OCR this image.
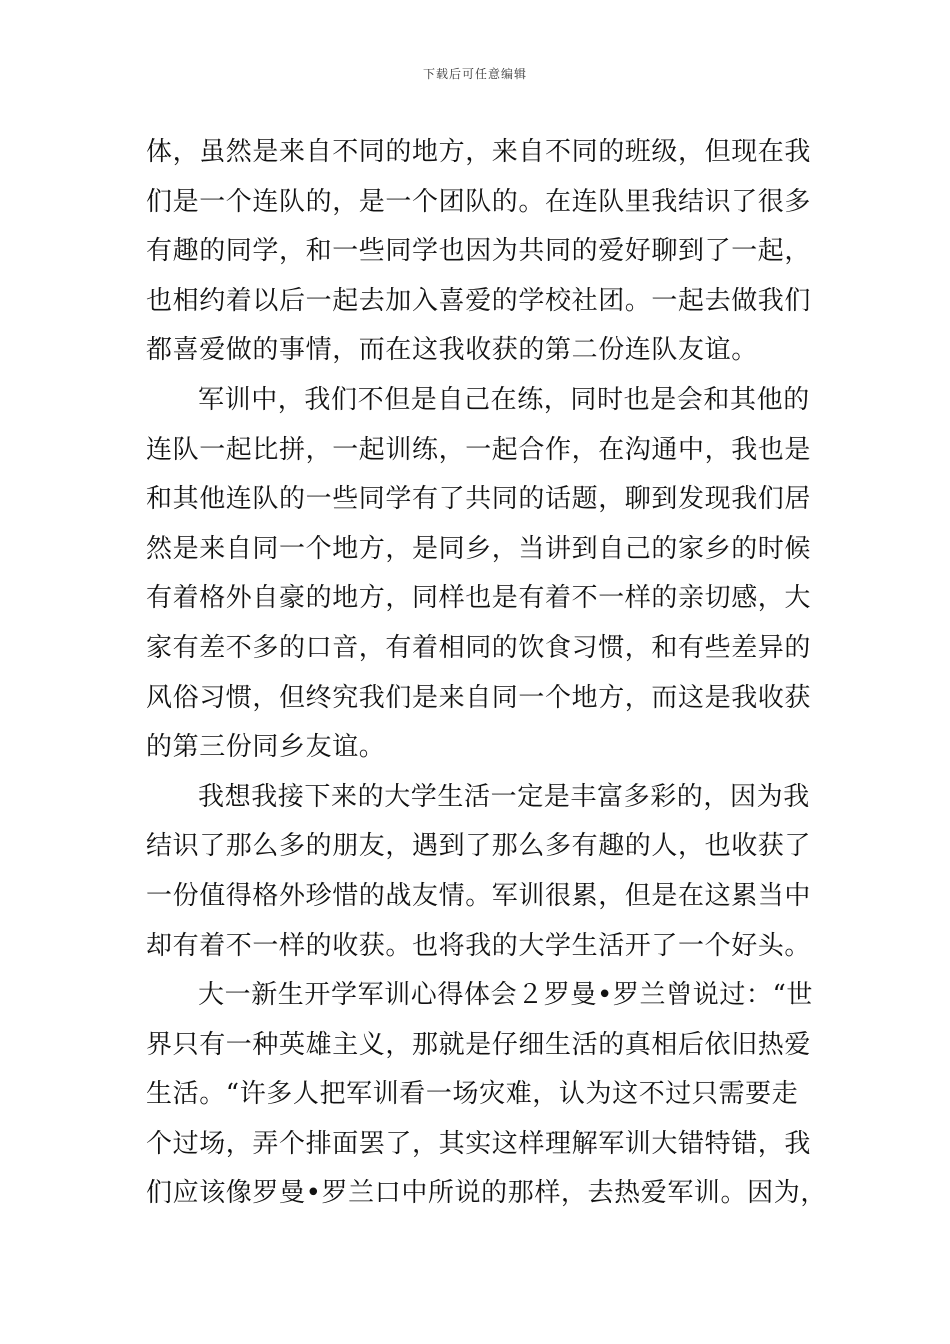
下载后可任意编辑
体，虽然是来自不同的地方，来自不同的班级，但现在我
们是一个连队的，是一个团队的。在连队里我结识了很多
有趣的同学，和一些同学也因为共同的爱好聊到了一起，
也相约着以后一起去加入喜爱的学校社团。一起去做我们
都喜爱做的事情，而在这我收获的第二份连队友谊。
军训中，我们不但是自己在练，同时也是会和其他的
连队一起比拼，一起训练，一起合作，在沟通中，我也是
和其他连队的一些同学有了共同的话题，聊到发现我们居
然是来自同一个地方，是同乡，当讲到自己的家乡的时候
有着格外自豪的地方，同样也是有着不一样的亲切感，大
家有差不多的口音，有着相同的饮食习惯，和有些差异的
风俗习惯，但终究我们是来自同一个地方，而这是我收获
的第三份同乡友谊。
我想我接下来的大学生活一定是丰富多彩的，因为我
结识了那么多的朋友，遇到了那么多有趣的人，也收获了
一份值得格外珍惜的战友情。军训很累，但是在这累当中
却有着不一样的收获。也将我的大学生活开了一个好头。
大一新生开学军训心得体会２罗曼•罗兰曾说过：“世
界只有一种英雄主义，那就是仔细生活的真相后依旧热爱
生活。“许多人把军训看一场灾难，认为这不过只需要走
个过场，弄个排面罢了，其实这样理解军训大错特错，我
们应该像罗曼•罗兰口中所说的那样，去热爱军训。因为，
